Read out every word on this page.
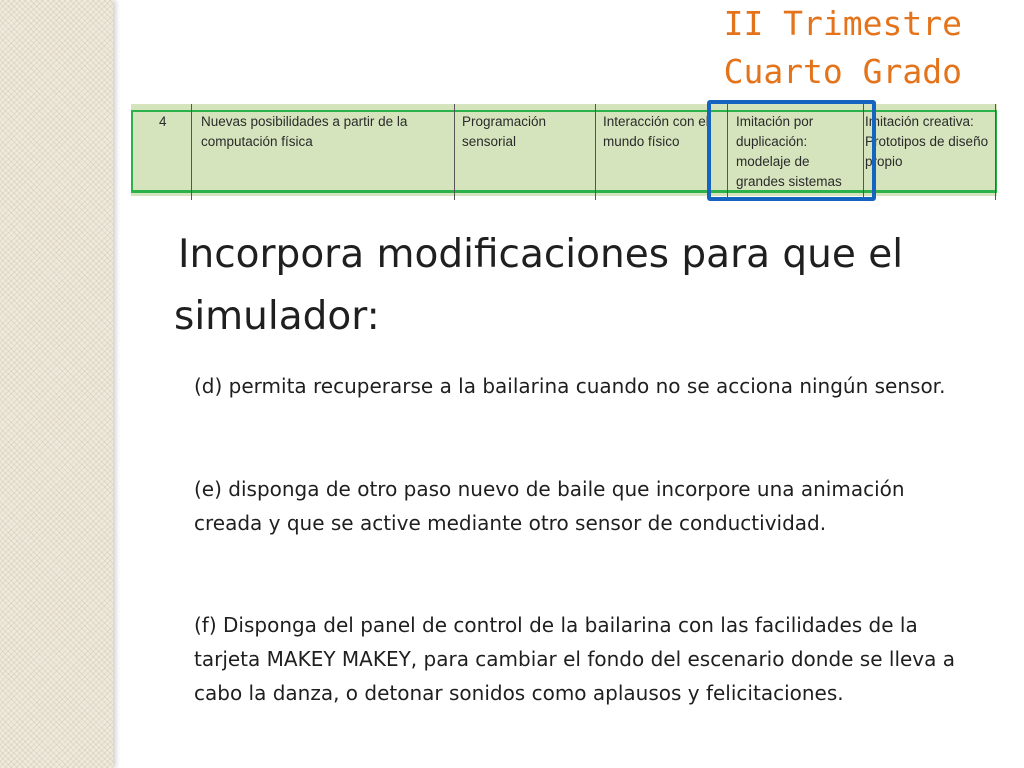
II Trimestre
Cuarto Grado
4	Nuevas posibilidades a partir de la computación física
Programación sensorial
Interacción con el mundo físico
Imitación por duplicación: modelaje de grandes sistemas
Imitación creativa: Prototipos de diseño propio
Incorpora modificaciones para que el
simulador:
(d) permita recuperarse a la bailarina cuando no se acciona ningún sensor.
(e) disponga de otro paso nuevo de baile que incorpore una animación creada y que se active mediante otro sensor de conductividad.
(f) Disponga del panel de control de la bailarina con las facilidades de la tarjeta MAKEY MAKEY, para cambiar el fondo del escenario donde se lleva a cabo la danza, o detonar sonidos como aplausos y felicitaciones.
